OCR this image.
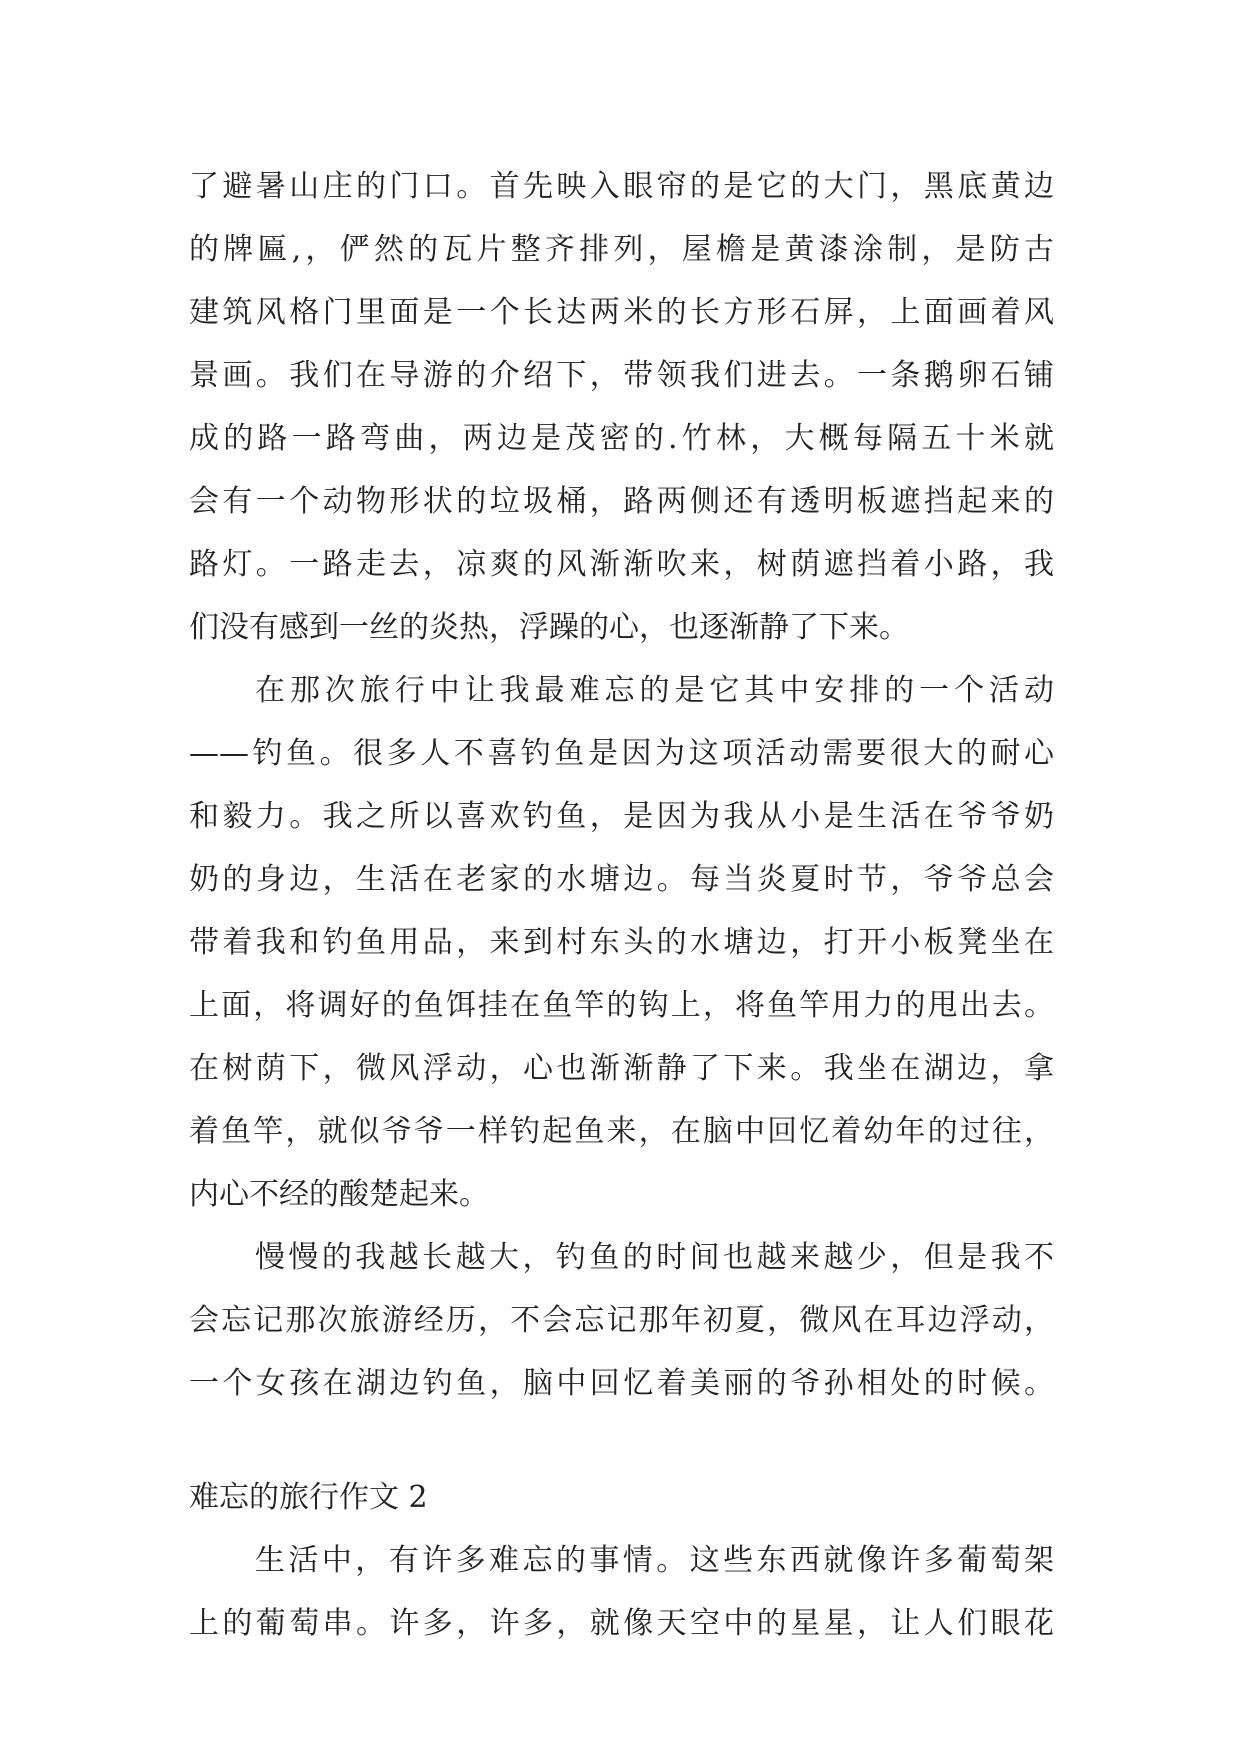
了避暑山庄的门口。首先映入眼帘的是它的大门，黑底黄边
的牌匾,，俨然的瓦片整齐排列，屋檐是黄漆涂制，是防古
建筑风格门里面是一个长达两米的长方形石屏，上面画着风
景画。我们在导游的介绍下，带领我们进去。一条鹅卵石铺
成的路一路弯曲，两边是茂密的.竹林，大概每隔五十米就
会有一个动物形状的垃圾桶，路两侧还有透明板遮挡起来的
路灯。一路走去，凉爽的风渐渐吹来，树荫遮挡着小路，我
们没有感到一丝的炎热，浮躁的心，也逐渐静了下来。
在那次旅行中让我最难忘的是它其中安排的一个活动
——钓鱼。很多人不喜钓鱼是因为这项活动需要很大的耐心
和毅力。我之所以喜欢钓鱼，是因为我从小是生活在爷爷奶
奶的身边，生活在老家的水塘边。每当炎夏时节，爷爷总会
带着我和钓鱼用品，来到村东头的水塘边，打开小板凳坐在
上面，将调好的鱼饵挂在鱼竿的钩上，将鱼竿用力的甩出去。
在树荫下，微风浮动，心也渐渐静了下来。我坐在湖边，拿
着鱼竿，就似爷爷一样钓起鱼来，在脑中回忆着幼年的过往，
内心不经的酸楚起来。
慢慢的我越长越大，钓鱼的时间也越来越少，但是我不
会忘记那次旅游经历，不会忘记那年初夏，微风在耳边浮动，
一个女孩在湖边钓鱼，脑中回忆着美丽的爷孙相处的时候。
难忘的旅行作文 2
生活中，有许多难忘的事情。这些东西就像许多葡萄架
上的葡萄串。许多，许多，就像天空中的星星，让人们眼花
